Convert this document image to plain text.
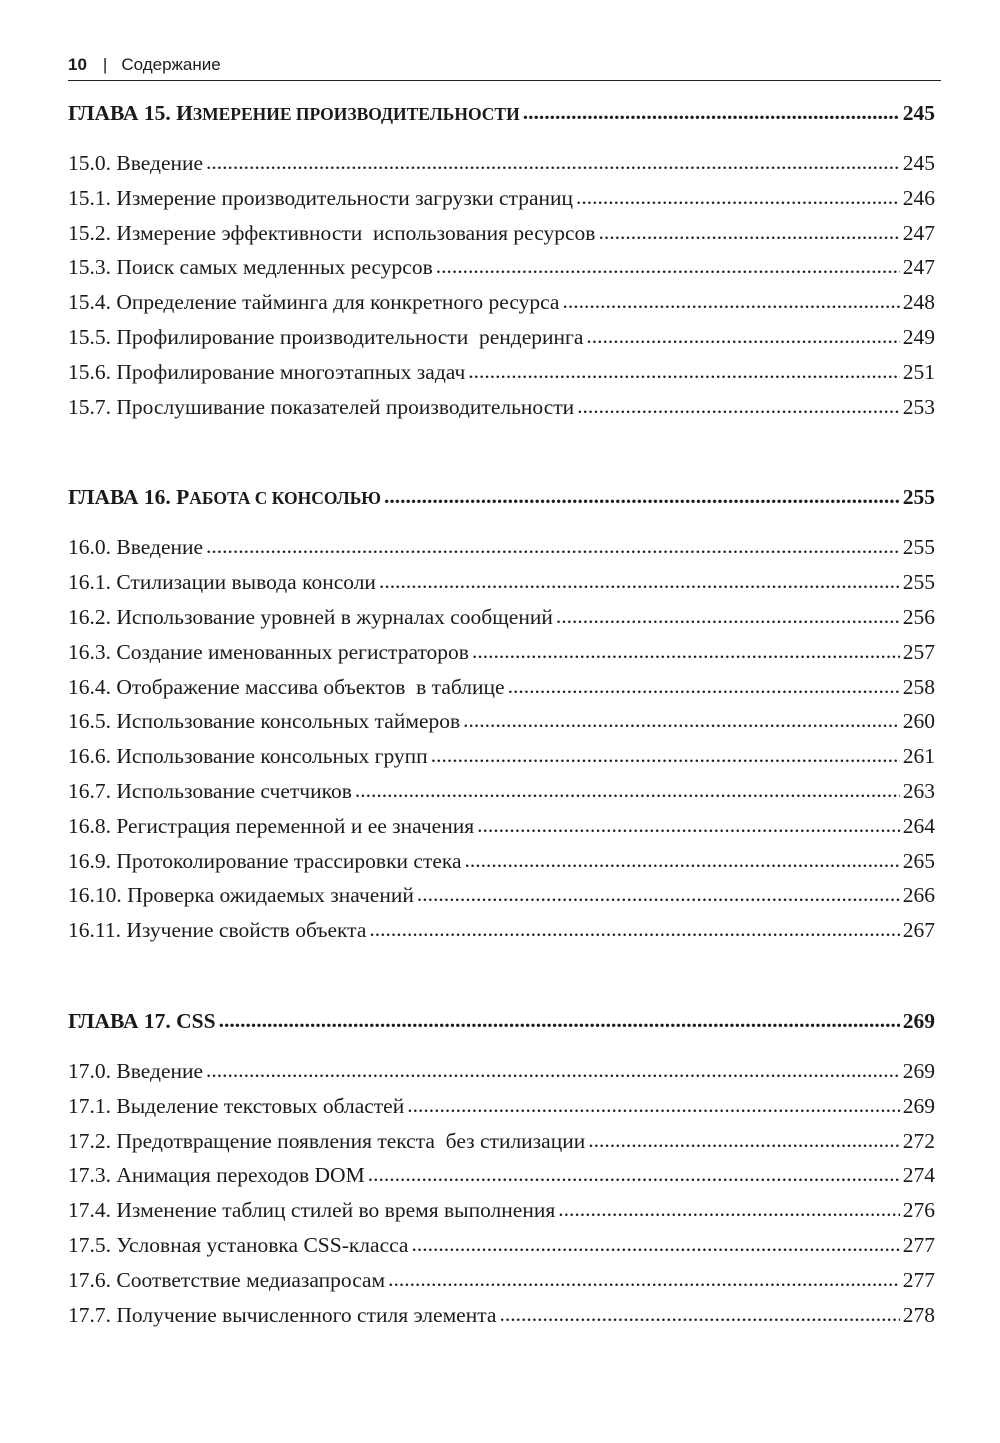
10 | Содержание
ГЛАВА 15. ИЗМЕРЕНИЕ ПРОИЗВОДИТЕЛЬНОСТИ .....	245
15.0. Введение .....	245
15.1. Измерение производительности загрузки страниц .....	246
15.2. Измерение эффективности  использования ресурсов .....	247
15.3. Поиск самых медленных ресурсов .....	247
15.4. Определение тайминга для конкретного ресурса .....	248
15.5. Профилирование производительности  рендеринга .....	249
15.6. Профилирование многоэтапных задач .....	251
15.7. Прослушивание показателей производительности .....	253
ГЛАВА 16. РАБОТА С КОНСОЛЬЮ .....	255
16.0. Введение .....	255
16.1. Стилизации вывода консоли .....	255
16.2. Использование уровней в журналах сообщений .....	256
16.3. Создание именованных регистраторов .....	257
16.4. Отображение массива объектов  в таблице .....	258
16.5. Использование консольных таймеров .....	260
16.6. Использование консольных групп .....	261
16.7. Использование счетчиков .....	263
16.8. Регистрация переменной и ее значения .....	264
16.9. Протоколирование трассировки стека .....	265
16.10. Проверка ожидаемых значений .....	266
16.11. Изучение свойств объекта .....	267
ГЛАВА 17. CSS .....	269
17.0. Введение .....	269
17.1. Выделение текстовых областей .....	269
17.2. Предотвращение появления текста  без стилизации .....	272
17.3. Анимация переходов DOM .....	274
17.4. Изменение таблиц стилей во время выполнения .....	276
17.5. Условная установка CSS-класса .....	277
17.6. Соответствие медиазапросам .....	277
17.7. Получение вычисленного стиля элемента .....	278
